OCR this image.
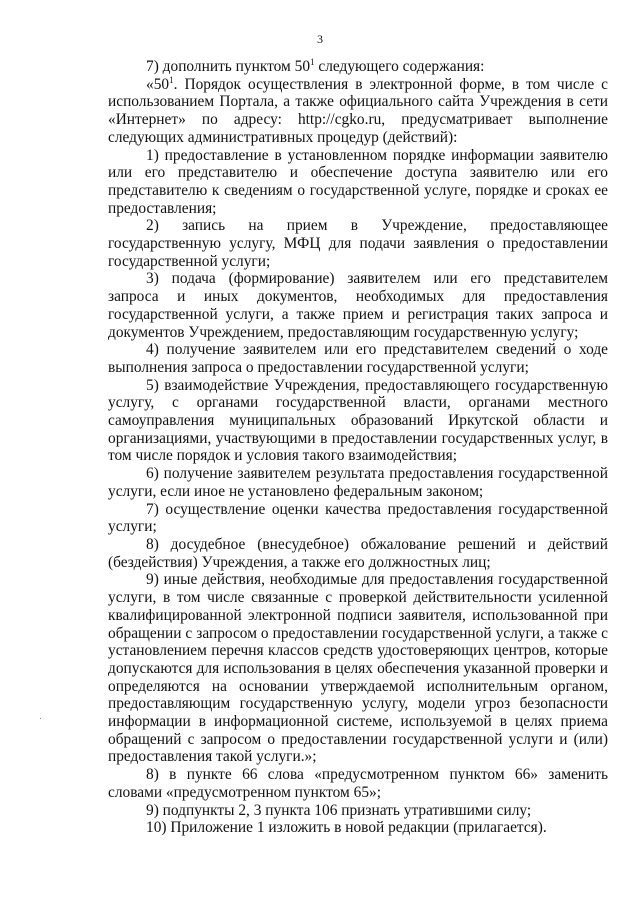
3

7) дополнить пунктом $50^1$ следующего содержания:

«$50^1$. Порядок осуществления в электронной форме, в том числе с использованием Портала, а также официального сайта Учреждения в сети «Интернет» по адресу: http://cgko.ru, предусматривает выполнение следующих административных процедур (действий):

1) предоставление в установленном порядке информации заявителю или его представителю и обеспечение доступа заявителю или его представителю к сведениям о государственной услуге, порядке и сроках ее предоставления;

2) запись на прием в Учреждение, предоставляющее государственную услугу, МФЦ для подачи заявления о предоставлении государственной услуги;

3) подача (формирование) заявителем или его представителем запроса и иных документов, необходимых для предоставления государственной услуги, а также прием и регистрация таких запроса и документов Учреждением, предоставляющим государственную услугу;

4) получение заявителем или его представителем сведений о ходе выполнения запроса о предоставлении государственной услуги;

5) взаимодействие Учреждения, предоставляющего государственную услугу, с органами государственной власти, органами местного самоуправления муниципальных образований Иркутской области и организациями, участвующими в предоставлении государственных услуг, в том числе порядок и условия такого взаимодействия;

6) получение заявителем результата предоставления государственной услуги, если иное не установлено федеральным законом;

7) осуществление оценки качества предоставления государственной услуги;

8) досудебное (внесудебное) обжалование решений и действий (бездействия) Учреждения, а также его должностных лиц;

9) иные действия, необходимые для предоставления государственной услуги, в том числе связанные с проверкой действительности усиленной квалифицированной электронной подписи заявителя, использованной при обращении с запросом о предоставлении государственной услуги, а также с установлением перечня классов средств удостоверяющих центров, которые допускаются для использования в целях обеспечения указанной проверки и определяются на основании утверждаемой исполнительным органом, предоставляющим государственную услугу, модели угроз безопасности информации в информационной системе, используемой в целях приема обращений с запросом о предоставлении государственной услуги и (или) предоставления такой услуги.»;

8) в пункте 66 слова «предусмотренном пунктом 66» заменить словами «предусмотренном пунктом 65»;

9) подпункты 2, 3 пункта 106 признать утратившими силу;

10) Приложение 1 изложить в новой редакции (прилагается).
